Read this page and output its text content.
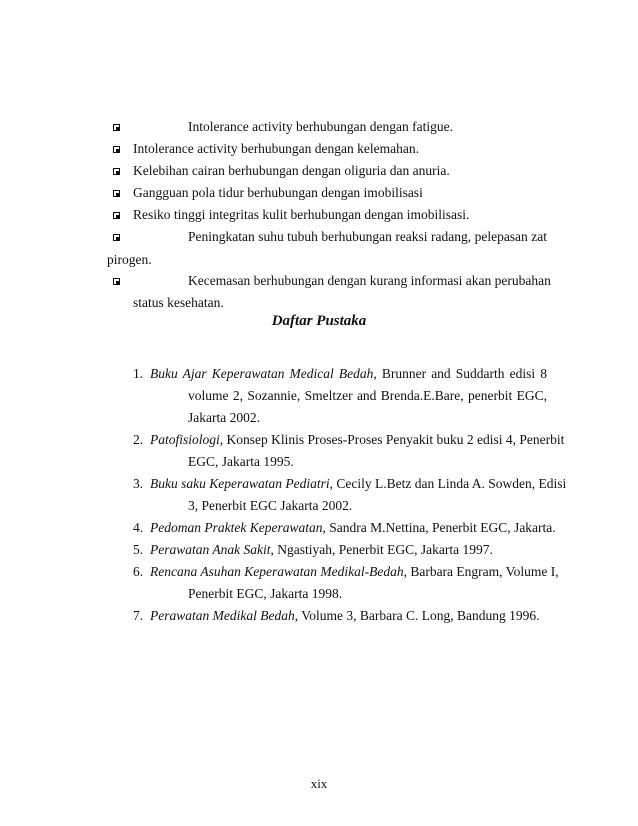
Intolerance activity berhubungan dengan fatigue.
Intolerance activity berhubungan dengan kelemahan.
Kelebihan cairan berhubungan dengan oliguria dan anuria.
Gangguan pola tidur berhubungan dengan imobilisasi
Resiko tinggi integritas kulit berhubungan dengan imobilisasi.
Peningkatan suhu tubuh berhubungan reaksi radang, pelepasan zat
pirogen.
Kecemasan berhubungan dengan kurang informasi akan perubahan
status kesehatan.
Daftar Pustaka
1. Buku Ajar Keperawatan Medical Bedah, Brunner and Suddarth edisi 8
volume 2, Sozannie, Smeltzer and Brenda.E.Bare, penerbit EGC,
Jakarta 2002.
2. Patofisiologi, Konsep Klinis Proses-Proses Penyakit buku 2 edisi 4, Penerbit
EGC, Jakarta 1995.
3. Buku saku Keperawatan Pediatri, Cecily L.Betz dan Linda A. Sowden, Edisi
3, Penerbit EGC Jakarta 2002.
4. Pedoman Praktek Keperawatan, Sandra M.Nettina, Penerbit EGC, Jakarta.
5. Perawatan Anak Sakit, Ngastiyah, Penerbit EGC, Jakarta 1997.
6. Rencana Asuhan Keperawatan Medikal-Bedah, Barbara Engram, Volume I,
Penerbit EGC, Jakarta 1998.
7. Perawatan Medikal Bedah, Volume 3, Barbara C. Long, Bandung 1996.
xix
